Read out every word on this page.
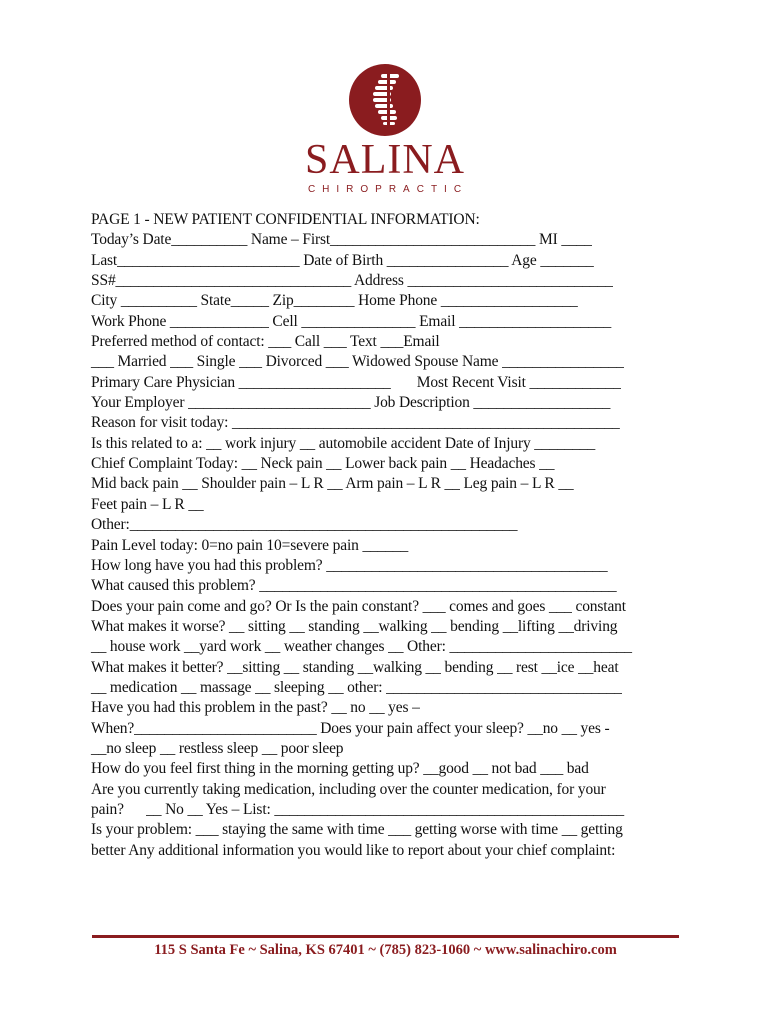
SALINA
CHIROPRACTIC
PAGE 1 - NEW PATIENT CONFIDENTIAL INFORMATION:
Today’s Date__________ Name – First___________________________ MI ____
Last________________________ Date of Birth ________________ Age _______
SS#_______________________________ Address ___________________________
City __________ State_____ Zip________ Home Phone __________________
Work Phone _____________ Cell _______________ Email ____________________
Preferred method of contact: ___ Call ___ Text ___Email
___ Married ___ Single ___ Divorced ___ Widowed Spouse Name ________________
Primary Care Physician ____________________       Most Recent Visit ____________
Your Employer ________________________ Job Description __________________
Reason for visit today: ___________________________________________________
Is this related to a: __ work injury __ automobile accident Date of Injury ________
Chief Complaint Today: __ Neck pain __ Lower back pain __ Headaches __
Mid back pain __ Shoulder pain – L R __ Arm pain – L R __ Leg pain – L R __
Feet pain – L R __
Other:___________________________________________________
Pain Level today: 0=no pain 10=severe pain ______
How long have you had this problem? _____________________________________
What caused this problem? _______________________________________________
Does your pain come and go? Or Is the pain constant? ___ comes and goes ___ constant
What makes it worse? __ sitting __ standing __walking __ bending __lifting __driving
__ house work __yard work __ weather changes __ Other: ________________________
What makes it better? __sitting __ standing __walking __ bending __ rest __ice __heat
__ medication __ massage __ sleeping __ other: _______________________________
Have you had this problem in the past? __ no __ yes –
When?________________________ Does your pain affect your sleep? __no __ yes -
__no sleep __ restless sleep __ poor sleep
How do you feel first thing in the morning getting up? __good __ not bad ___ bad
Are you currently taking medication, including over the counter medication, for your
pain?      __ No __ Yes – List: ______________________________________________
Is your problem: ___ staying the same with time ___ getting worse with time __ getting
better Any additional information you would like to report about your chief complaint:
115 S Santa Fe ~ Salina, KS 67401 ~ (785) 823-1060 ~ www.salinachiro.com
